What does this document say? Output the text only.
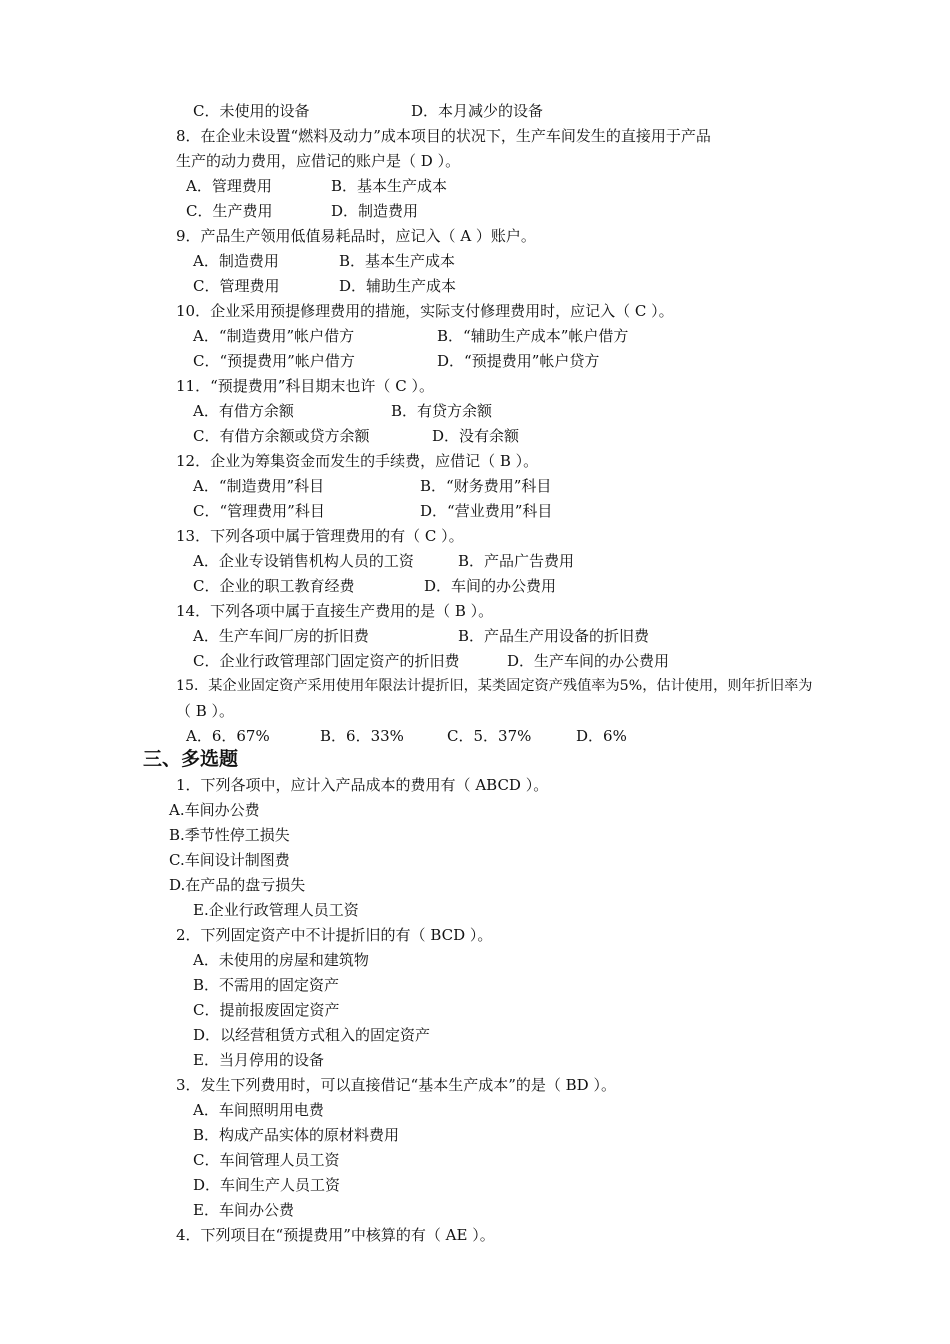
C．未使用的设备	D．本月减少的设备
8．在企业未设置“燃料及动力”成本项目的状况下，生产车间发生的直接用于产品
生产的动力费用，应借记的账户是（ D ）。
A．管理费用	B．基本生产成本
C．生产费用	D．制造费用
9．产品生产领用低值易耗品时，应记入（ A ）账户。
A．制造费用	B．基本生产成本
C．管理费用	D．辅助生产成本
10．企业采用预提修理费用的措施，实际支付修理费用时，应记入（ C ）。
A．“制造费用”帐户借方	B．“辅助生产成本”帐户借方
C．“预提费用”帐户借方	D．“预提费用”帐户贷方
11．“预提费用”科目期末也许（ C ）。
A．有借方余额	B．有贷方余额
C．有借方余额或贷方余额	D．没有余额
12．企业为筹集资金而发生的手续费，应借记（ B ）。
A．“制造费用”科目	B．“财务费用”科目
C．“管理费用”科目	D．“营业费用”科目
13．下列各项中属于管理费用的有（ C ）。
A．企业专设销售机构人员的工资	B．产品广告费用
C．企业的职工教育经费	D．车间的办公费用
14．下列各项中属于直接生产费用的是（ B ）。
A．生产车间厂房的折旧费	B．产品生产用设备的折旧费
C．企业行政管理部门固定资产的折旧费	D．生产车间的办公费用
15．某企业固定资产采用使用年限法计提折旧，某类固定资产残值率为5%，估计使用，则年折旧率为
（ B ）。
A．6．67%	B．6．33%	C．5．37%	D．6%
三、多选题
1．下列各项中，应计入产品成本的费用有（ ABCD ）。
A.车间办公费
B.季节性停工损失
C.车间设计制图费
D.在产品的盘亏损失
E.企业行政管理人员工资
2．下列固定资产中不计提折旧的有（ BCD ）。
A．未使用的房屋和建筑物
B．不需用的固定资产
C．提前报废固定资产
D．以经营租赁方式租入的固定资产
E．当月停用的设备
3．发生下列费用时，可以直接借记“基本生产成本”的是（ BD ）。
A．车间照明用电费
B．构成产品实体的原材料费用
C．车间管理人员工资
D．车间生产人员工资
E．车间办公费
4．下列项目在“预提费用”中核算的有（ AE ）。
